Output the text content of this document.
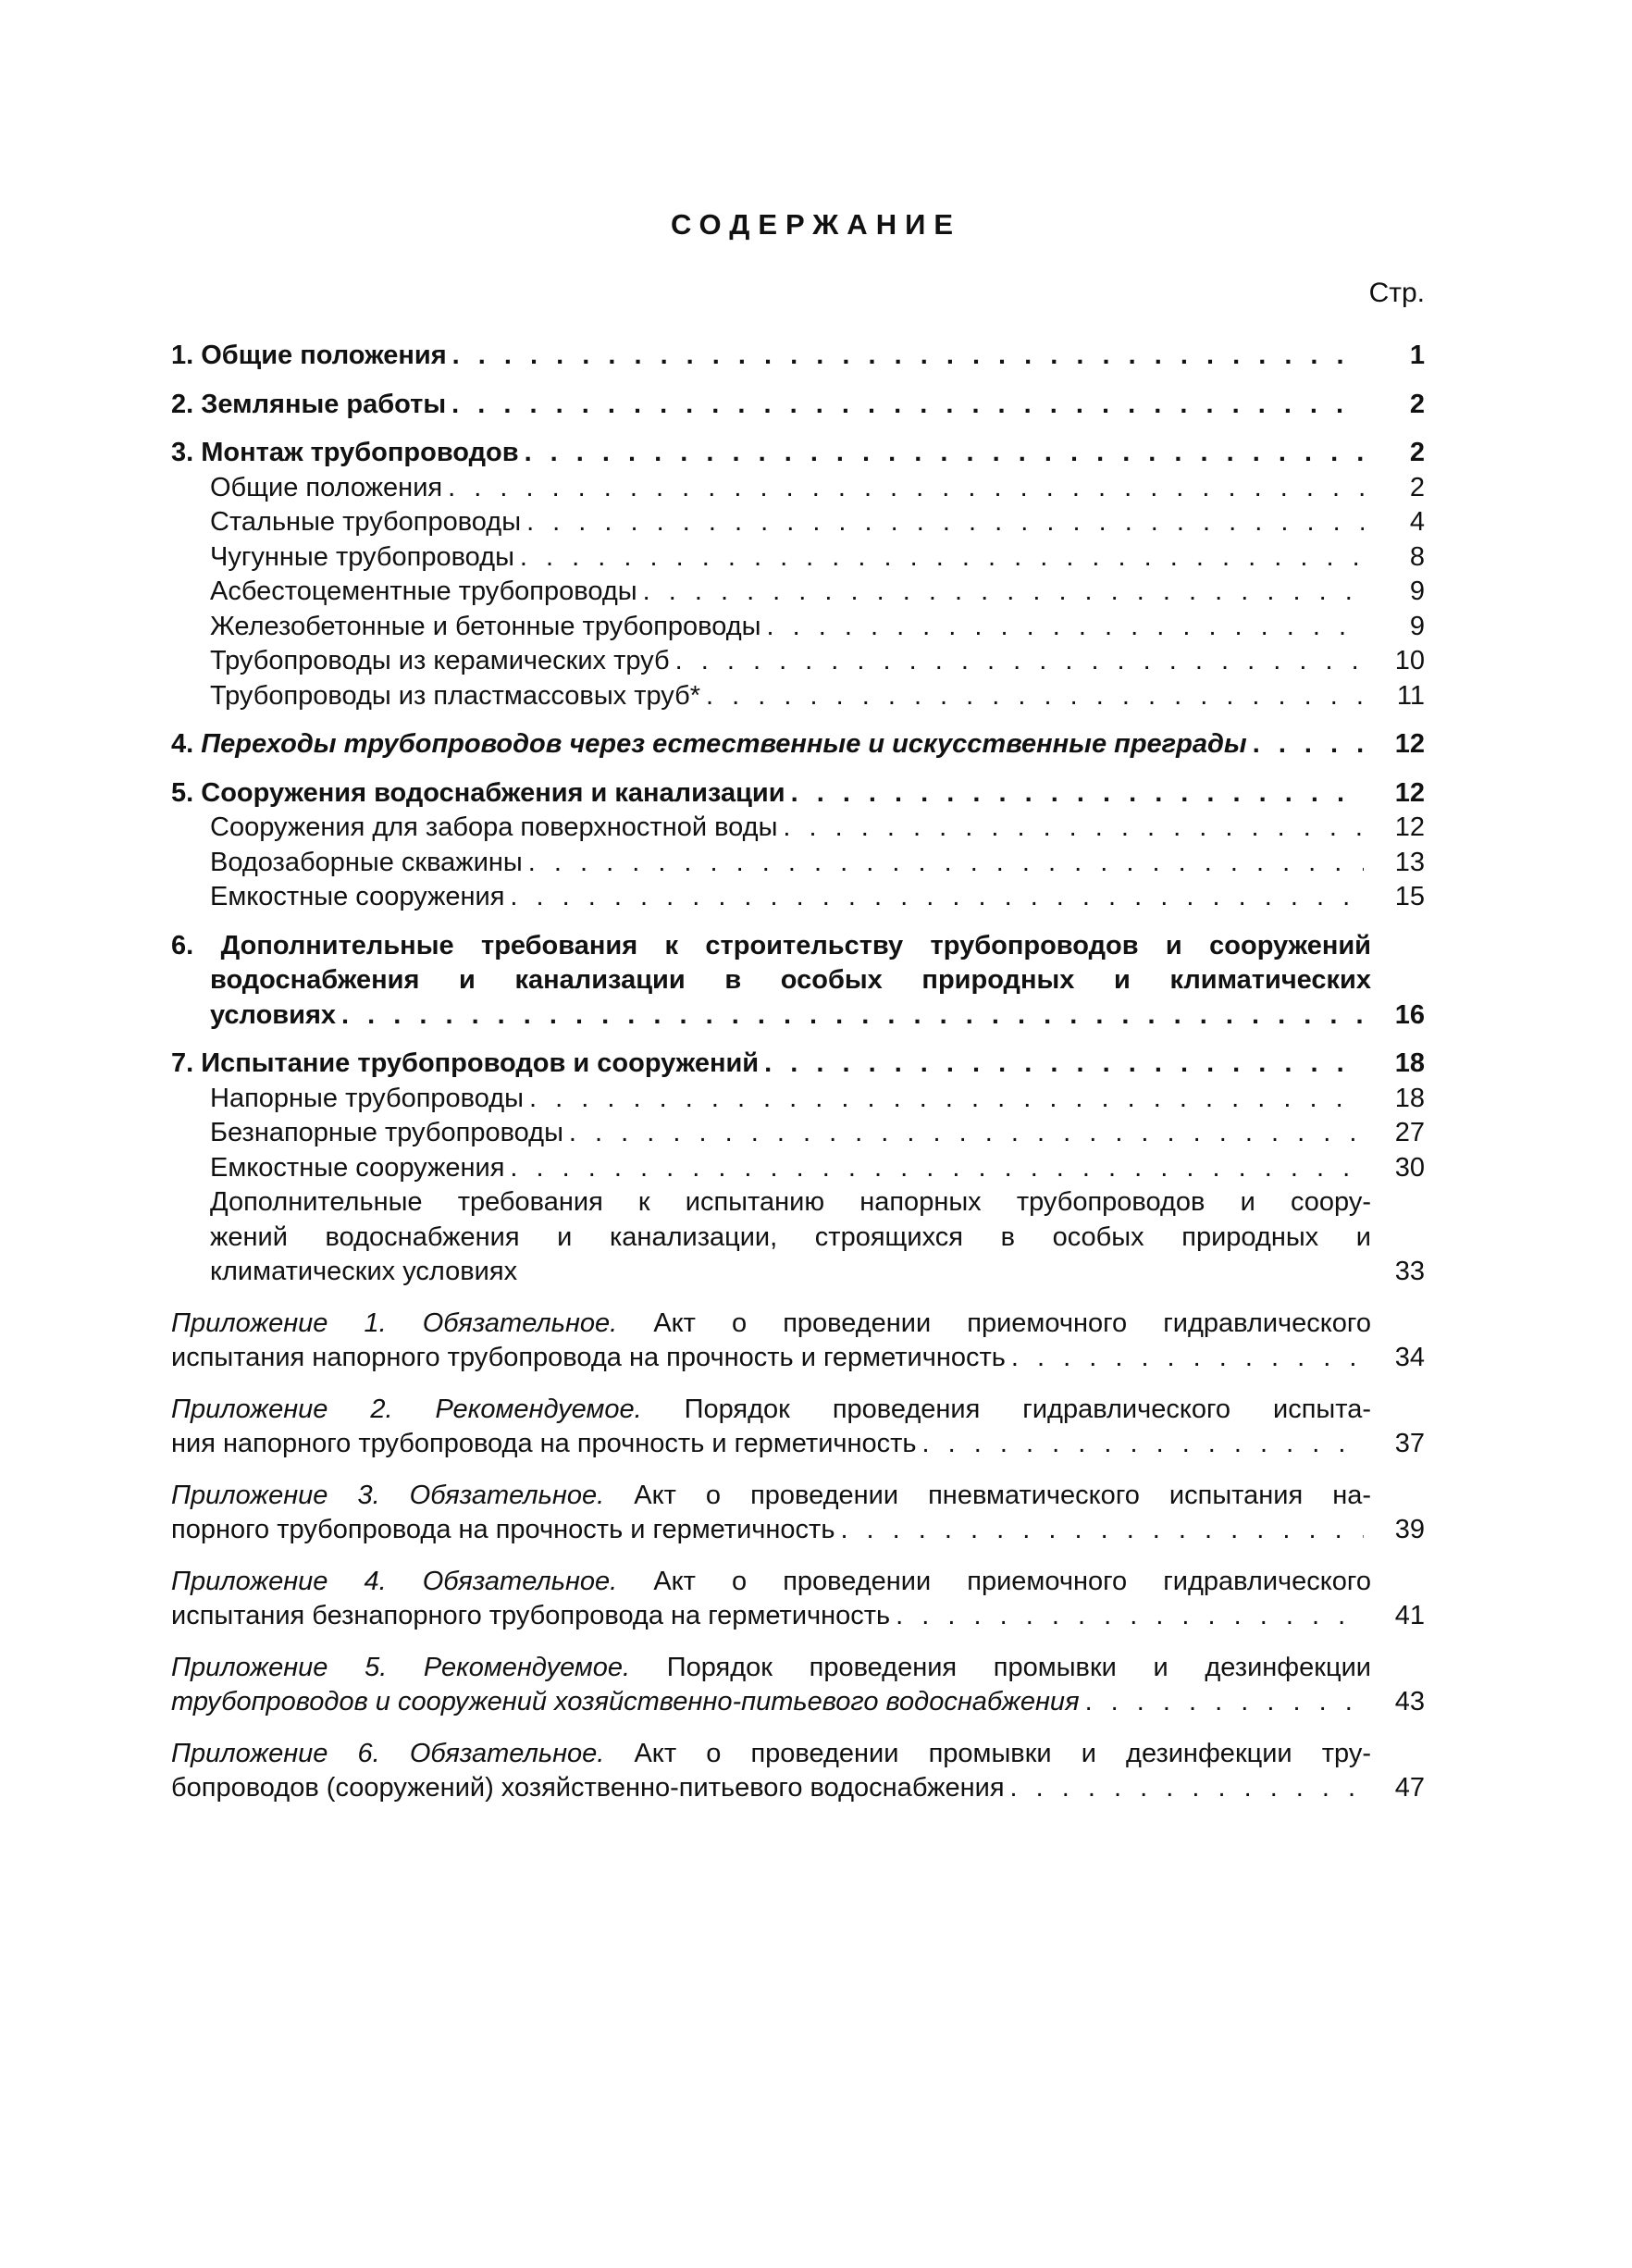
СОДЕРЖАНИЕ
Стр.
1. Общие положения . . .	1
2. Земляные работы . . .	2
3. Монтаж трубопроводов . . .	2
Общие положения . . .	2
Стальные трубопроводы . . .	4
Чугунные трубопроводы . . .	8
Асбестоцементные трубопроводы . . .	9
Железобетонные и бетонные трубопроводы . . .	9
Трубопроводы из керамических труб . . .	10
Трубопроводы из пластмассовых труб* . . .	11
4. Переходы трубопроводов через естественные и искусственные преграды . . .	12
5. Сооружения водоснабжения и канализации . . .	12
Сооружения для забора поверхностной воды . . .	12
Водозаборные скважины . . .	13
Емкостные сооружения . . .	15
6. Дополнительные требования к строительству трубопроводов и сооружений
водоснабжения и канализации в особых природных и климатических
условиях . . .	16
7. Испытание трубопроводов и сооружений . . .	18
Напорные трубопроводы . . .	18
Безнапорные трубопроводы . . .	27
Емкостные сооружения . . .	30
Дополнительные требования к испытанию напорных трубопроводов и соору-
жений водоснабжения и канализации, строящихся в особых природных и
климатических условиях	33
Приложение 1. Обязательное. Акт о проведении приемочного гидравлического
испытания напорного трубопровода на прочность и герметичность . . .	34
Приложение 2. Рекомендуемое. Порядок проведения гидравлического испыта-
ния напорного трубопровода на прочность и герметичность . . .	37
Приложение 3. Обязательное. Акт о проведении пневматического испытания на-
порного трубопровода на прочность и герметичность . . .	39
Приложение 4. Обязательное. Акт о проведении приемочного гидравлического
испытания безнапорного трубопровода на герметичность . . .	41
Приложение 5. Рекомендуемое. Порядок проведения промывки и дезинфекции
трубопроводов и сооружений хозяйственно-питьевого водоснабжения . . .	43
Приложение 6. Обязательное. Акт о проведении промывки и дезинфекции тру-
бопроводов (сооружений) хозяйственно-питьевого водоснабжения . . .	47
